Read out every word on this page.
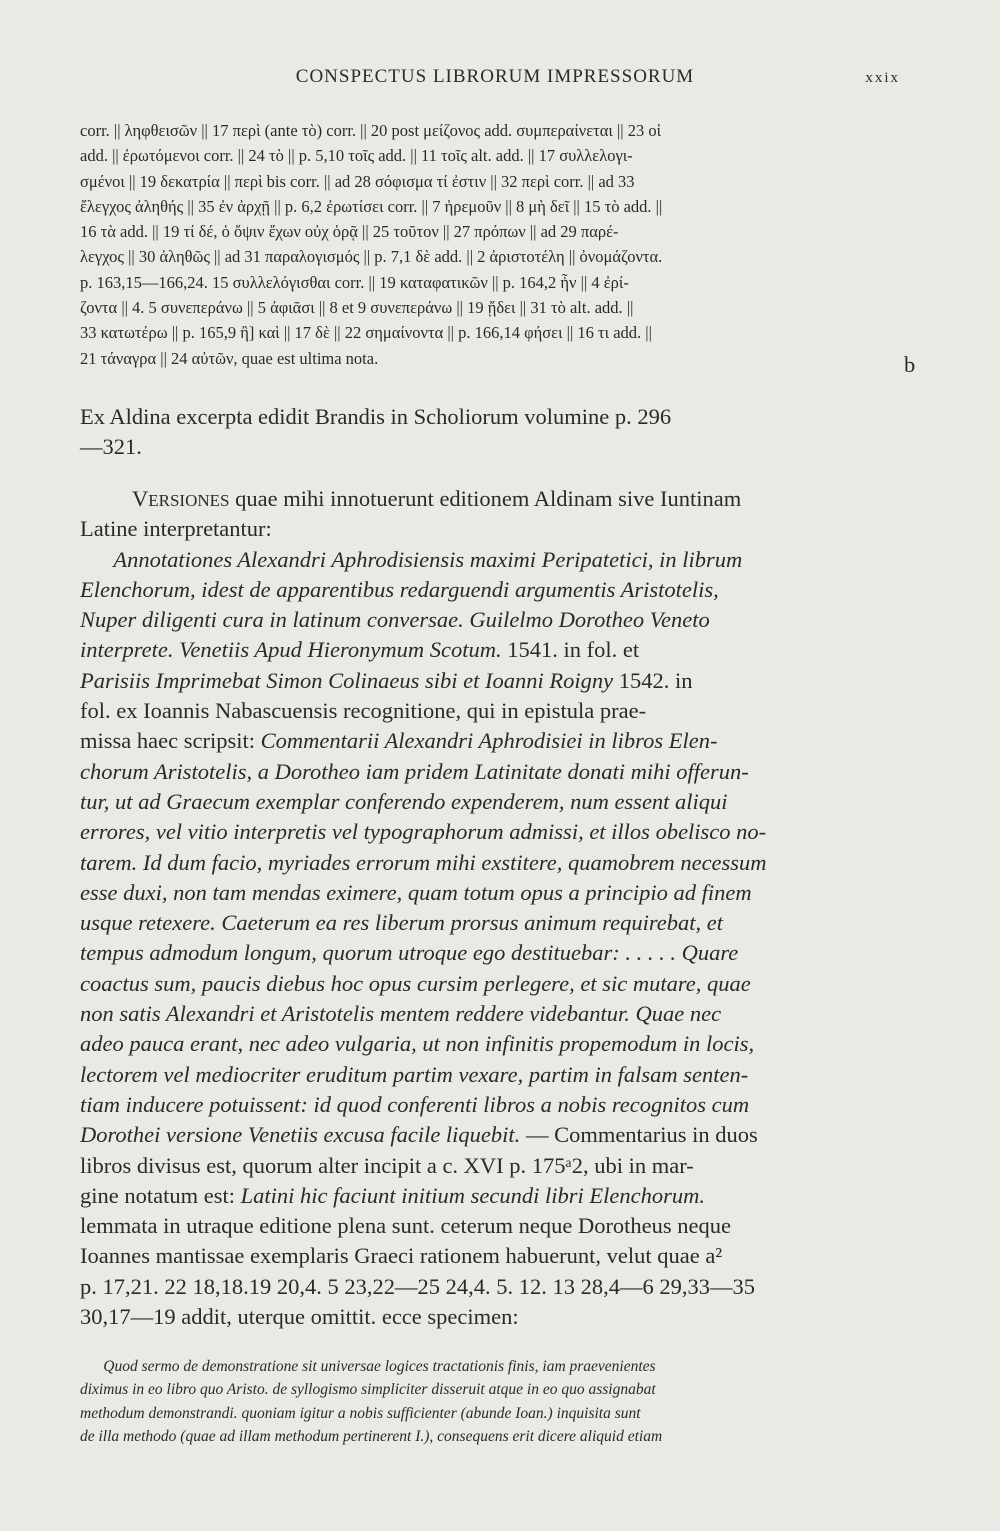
CONSPECTUS LIBRORUM IMPRESSORUM	xxix
corr. || ληφθεισῶν || 17 περὶ (ante τὸ) corr. || 20 post μείζονος add. συμπεραίνεται || 23 οἱ
add. || ἐρωτόμενοι corr. || 24 τὸ || p. 5,10 τοῖς add. || 11 τοῖς alt. add. || 17 συλλελογι-
σμένοι || 19 δεκατρία || περὶ bis corr. || ad 28 σόφισμα τί ἐστιν || 32 περὶ corr. || ad 33
ἔλεγχος ἀληθής || 35 ἐν ἀρχῇ || p. 6,2 ἐρωτίσει corr. || 7 ἠρεμοῦν || 8 μὴ δεῖ || 15 τὸ add. ||
16 τὰ add. || 19 τί δέ, ὁ ὄψιν ἔχων οὐχ ὁρᾷ || 25 τοῦτον || 27 πρόπων || ad 29 παρέ-
λεγχος || 30 ἀληθῶς || ad 31 παραλογισμός || p. 7,1 δὲ add. || 2 ἀριστοτέλη || ὀνομάζοντα.
p. 163,15—166,24. 15 συλλελόγισθαι corr. || 19 καταφατικῶν || p. 164,2 ἦν || 4 ἐρί-
ζοντα || 4. 5 συνεπεράνω || 5 ἀφιᾶσι || 8 et 9 συνεπεράνω || 19 ᾔδει || 31 τὸ alt. add. ||
33 κατωτέρω || p. 165,9 ἢ] καὶ || 17 δὲ || 22 σημαίνοντα || p. 166,14 φήσει || 16 τι add. ||
21 τάναγρα || 24 αὐτῶν, quae est ultima nota.
Ex Aldina excerpta edidit Brandis in Scholiorum volumine p. 296
—321.
b
VERSIONES quae mihi innotuerunt editionem Aldinam sive Iuntinam
Latine interpretantur:
Annotationes Alexandri Aphrodisiensis maximi Peripatetici, in librum
Elenchorum, idest de apparentibus redarguendi argumentis Aristotelis,
Nuper diligenti cura in latinum conversae. Guilelmo Dorotheo Veneto
interprete. Venetiis Apud Hieronymum Scotum. 1541. in fol. et
Parisiis Imprimebat Simon Colinaeus sibi et Ioanni Roigny 1542. in
fol. ex Ioannis Nabascuensis recognitione, qui in epistula prae-
missa haec scripsit: Commentarii Alexandri Aphrodisiei in libros Elen-
chorum Aristotelis, a Dorotheo iam pridem Latinitate donati mihi offerun-
tur, ut ad Graecum exemplar conferendo expenderem, num essent aliqui
errores, vel vitio interpretis vel typographorum admissi, et illos obelisco no-
tarem. Id dum facio, myriades errorum mihi exstitere, quamobrem necessum
esse duxi, non tam mendas eximere, quam totum opus a principio ad finem
usque retexere. Caeterum ea res liberum prorsus animum requirebat, et
tempus admodum longum, quorum utroque ego destituebar: . . . . . Quare
coactus sum, paucis diebus hoc opus cursim perlegere, et sic mutare, quae
non satis Alexandri et Aristotelis mentem reddere videbantur. Quae nec
adeo pauca erant, nec adeo vulgaria, ut non infinitis propemodum in locis,
lectorem vel mediocriter eruditum partim vexare, partim in falsam senten-
tiam inducere potuissent: id quod conferenti libros a nobis recognitos cum
Dorothei versione Venetiis excusa facile liquebit. — Commentarius in duos
libros divisus est, quorum alter incipit a c. XVI p. 175ᵃ2, ubi in mar-
gine notatum est: Latini hic faciunt initium secundi libri Elenchorum.
lemmata in utraque editione plena sunt. ceterum neque Dorotheus neque
Ioannes mantissae exemplaris Graeci rationem habuerunt, velut quae a²
p. 17,21. 22 18,18.19 20,4. 5 23,22—25 24,4. 5. 12. 13 28,4—6 29,33—35
30,17—19 addit, uterque omittit. ecce specimen:
Quod sermo de demonstratione sit universae logices tractationis finis, iam praevenientes
diximus in eo libro quo Aristo. de syllogismo simpliciter disseruit atque in eo quo assignabat
methodum demonstrandi. quoniam igitur a nobis sufficienter (abunde Ioan.) inquisita sunt
de illa methodo (quae ad illam methodum pertinerent I.), consequens erit dicere aliquid etiam
